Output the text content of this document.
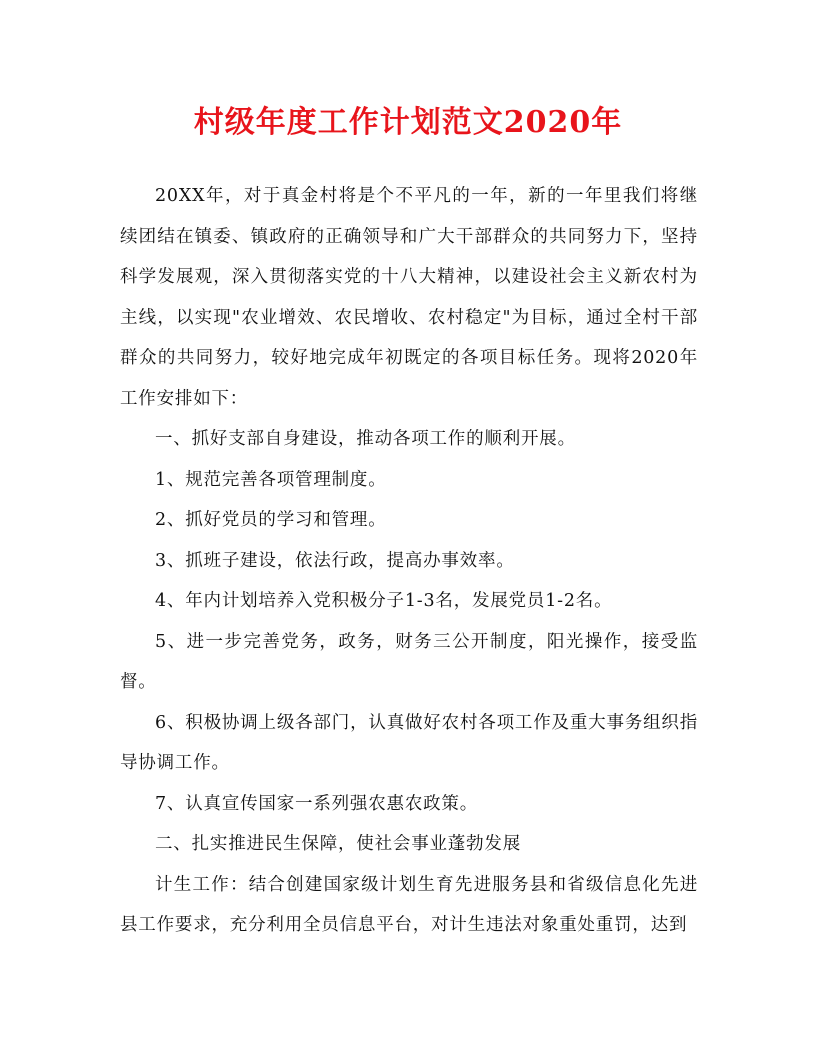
村级年度工作计划范文2020年

20XX年，对于真金村将是个不平凡的一年，新的一年里我们将继续团结在镇委、镇政府的正确领导和广大干部群众的共同努力下，坚持科学发展观，深入贯彻落实党的十八大精神，以建设社会主义新农村为主线，以实现"农业增效、农民增收、农村稳定"为目标，通过全村干部群众的共同努力，较好地完成年初既定的各项目标任务。现将2020年工作安排如下：

一、抓好支部自身建设，推动各项工作的顺利开展。

1、规范完善各项管理制度。

2、抓好党员的学习和管理。

3、抓班子建设，依法行政，提高办事效率。

4、年内计划培养入党积极分子1-3名，发展党员1-2名。

5、进一步完善党务，政务，财务三公开制度，阳光操作，接受监督。

6、积极协调上级各部门，认真做好农村各项工作及重大事务组织指导协调工作。

7、认真宣传国家一系列强农惠农政策。

二、扎实推进民生保障，使社会事业蓬勃发展

计生工作：结合创建国家级计划生育先进服务县和省级信息化先进县工作要求，充分利用全员信息平台，对计生违法对象重处重罚，达到
